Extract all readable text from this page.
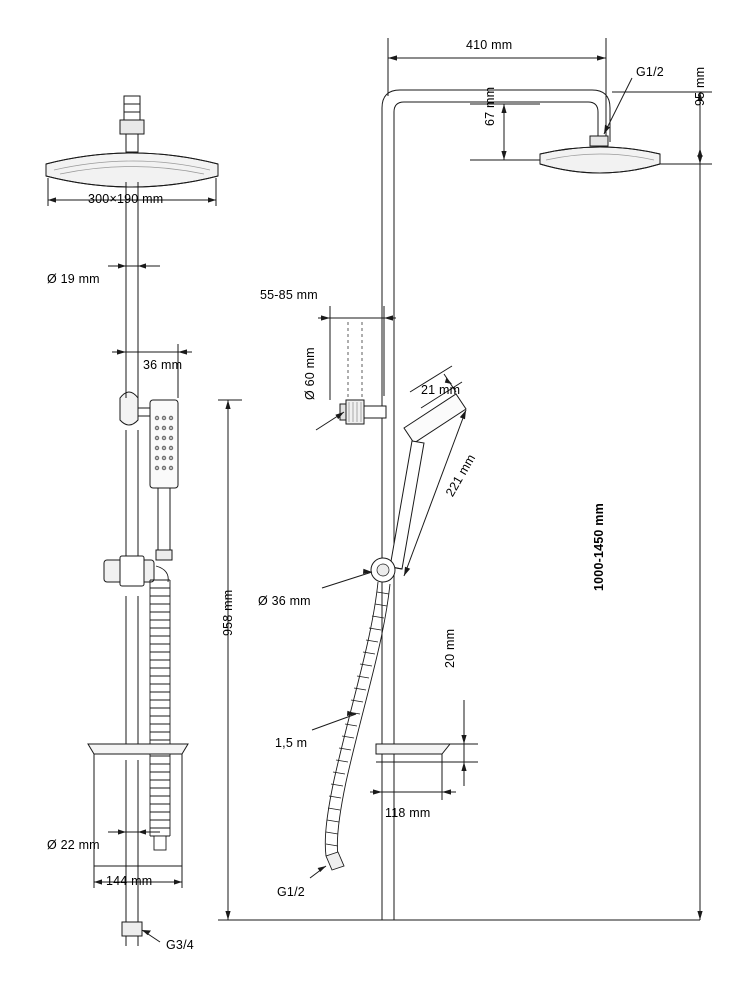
300×190 mm
Ø 19 mm
36 mm
Ø 22 mm
144 mm
G3/4
958 mm
410 mm
G1/2 95 mm
67 mm
55-85 mm
Ø 60 mm	21 mm
221 mm
Ø 36 mm
1,5 m
20 mm
118 mm
G1/2
1000-1450 mm
